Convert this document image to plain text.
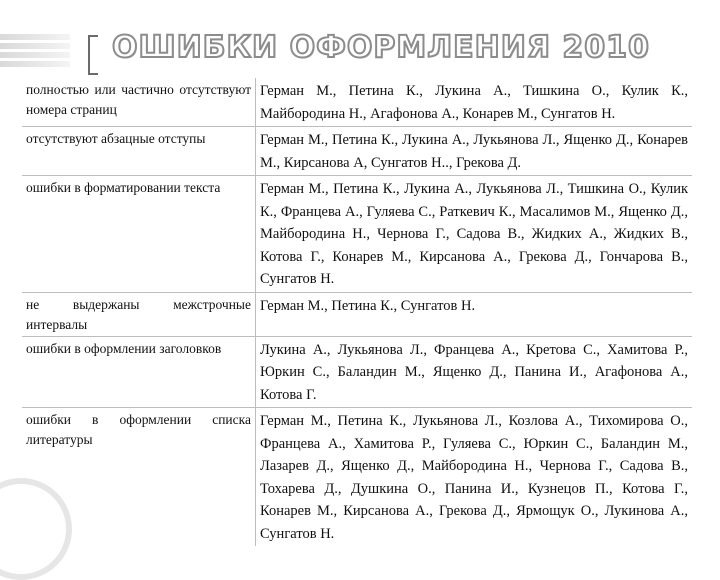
ОШИБКИ ОФОРМЛЕНИЯ 2010
полностью или частично отсутствуют номера страниц	Герман М., Петина К., Лукина А., Тишкина О., Кулик К., Майбородина Н., Агафонова А., Конарев М., Сунгатов Н.
отсутствуют абзацные отступы	Герман М., Петина К., Лукина А., Лукьянова Л., Ященко Д., Конарев М., Кирсанова А, Сунгатов Н.., Грекова Д.
ошибки в форматировании текста	Герман М., Петина К., Лукина А., Лукьянова Л., Тишкина О., Кулик К., Францева А., Гуляева С., Раткевич К., Масалимов М., Ященко Д., Майбородина Н., Чернова Г., Садова В., Жидких А., Жидких В., Котова Г., Конарев М., Кирсанова А., Грекова Д., Гончарова В., Сунгатов Н.
не выдержаны межстрочные интервалы	Герман М., Петина К., Сунгатов Н.
ошибки в оформлении заголовков	Лукина А., Лукьянова Л., Францева А., Кретова С., Хамитова Р., Юркин С., Баландин М., Ященко Д., Панина И., Агафонова А., Котова Г.
ошибки в оформлении списка литературы	Герман М., Петина К., Лукьянова Л., Козлова А., Тихомирова О., Францева А., Хамитова Р., Гуляева С., Юркин С., Баландин М., Лазарев Д., Ященко Д., Майбородина Н., Чернова Г., Садова В., Тохарева Д., Душкина О., Панина И., Кузнецов П., Котова Г., Конарев М., Кирсанова А., Грекова Д., Ярмощук О., Лукинова А., Сунгатов Н.
